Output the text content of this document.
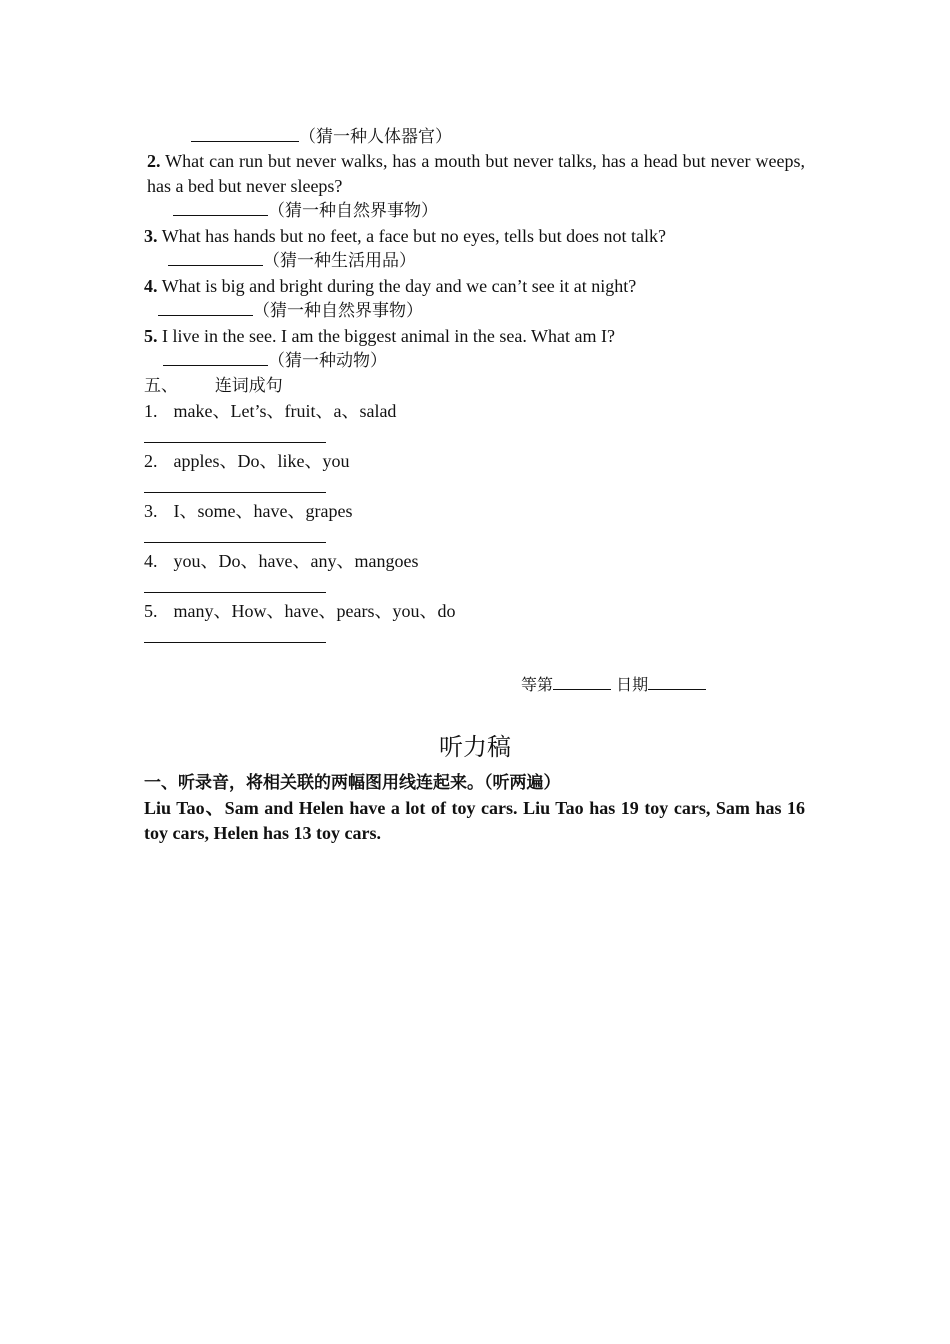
（猜一种人体器官）
2. What can run but never walks, has a mouth but never talks, has a head but never weeps, has a bed but never sleeps?
（猜一种自然界事物）
3. What has hands but no feet, a face but no eyes, tells but does not talk?
（猜一种生活用品）
4. What is big and bright during the day and we can’t see it at night?
（猜一种自然界事物）
5. I live in the see. I am the biggest animal in the sea. What am I?
（猜一种动物）
五、 连词成句
1. make、Let’s、fruit、a、salad
2. apples、Do、like、you
3. I、some、have、grapes
4. you、Do、have、any、mangoes
5. many、How、have、pears、you、do
等第	日期
听力稿
一、听录音，将相关联的两幅图用线连起来。（听两遍）
Liu Tao、Sam and Helen have a lot of toy cars. Liu Tao has 19 toy cars, Sam has 16 toy cars, Helen has 13 toy cars.
